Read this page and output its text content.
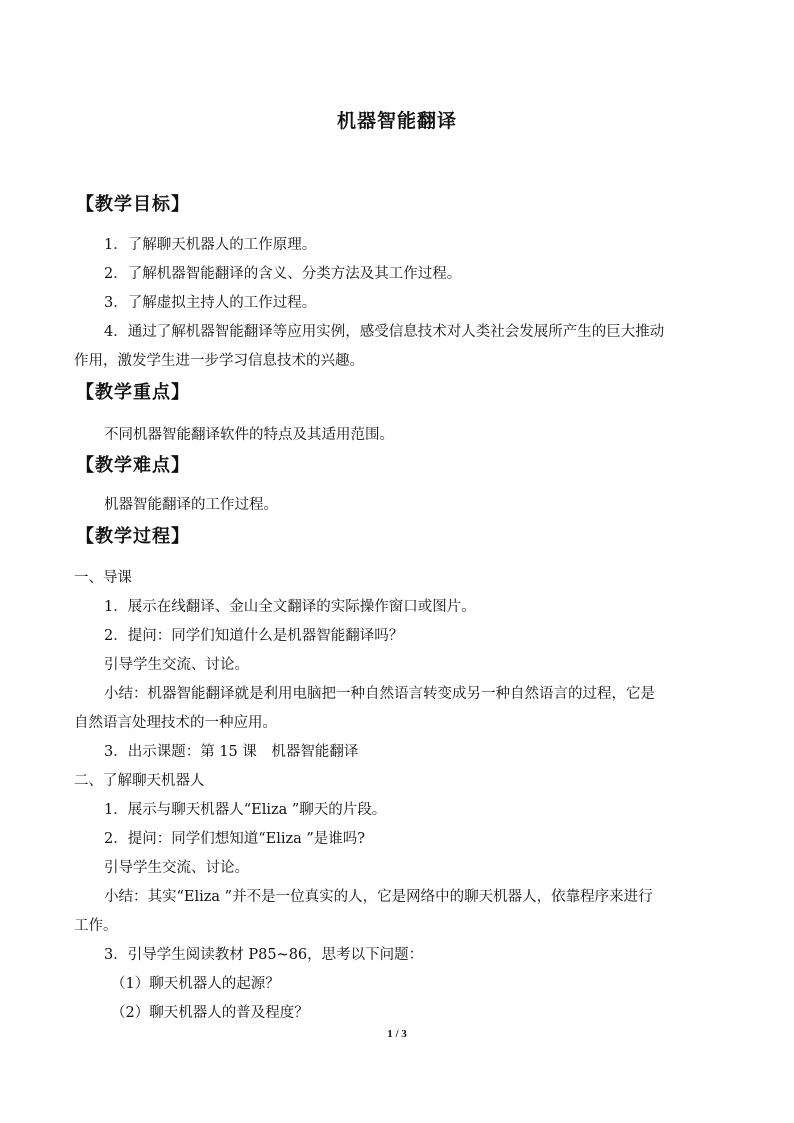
机器智能翻译
【教学目标】
1．了解聊天机器人的工作原理。
2．了解机器智能翻译的含义、分类方法及其工作过程。
3．了解虚拟主持人的工作过程。
4．通过了解机器智能翻译等应用实例，感受信息技术对人类社会发展所产生的巨大推动
作用，激发学生进一步学习信息技术的兴趣。
【教学重点】
不同机器智能翻译软件的特点及其适用范围。
【教学难点】
机器智能翻译的工作过程。
【教学过程】
一、导课
1．展示在线翻译、金山全文翻译的实际操作窗口或图片。
2．提问：同学们知道什么是机器智能翻译吗？
引导学生交流、讨论。
小结：机器智能翻译就是利用电脑把一种自然语言转变成另一种自然语言的过程，它是
自然语言处理技术的一种应用。
3．出示课题：第 15 课　机器智能翻译
二、了解聊天机器人
1．展示与聊天机器人“Eliza ”聊天的片段。
2．提问：同学们想知道“Eliza ”是谁吗?
引导学生交流、讨论。
小结：其实“Eliza ”并不是一位真实的人，它是网络中的聊天机器人，依靠程序来进行
工作。
3．引导学生阅读教材 P85~86，思考以下问题：
（1）聊天机器人的起源？
（2）聊天机器人的普及程度？
1 / 3
